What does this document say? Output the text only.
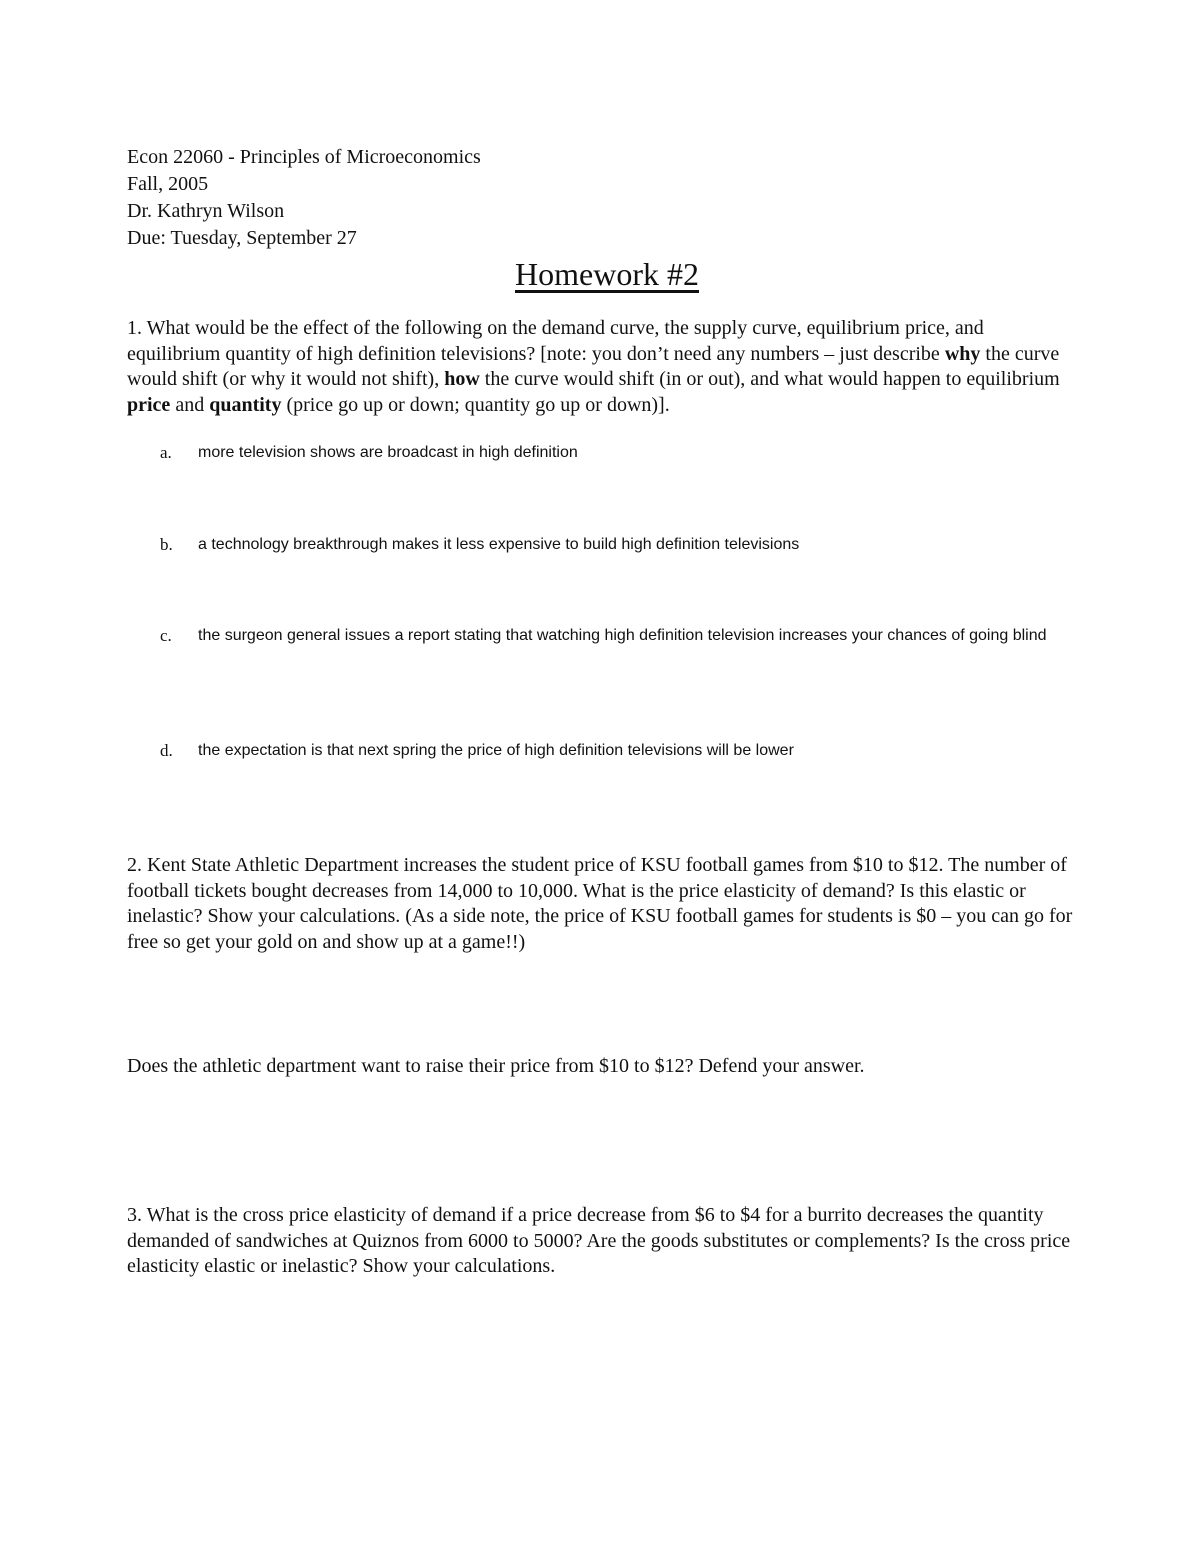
Econ 22060 - Principles of Microeconomics
Fall, 2005
Dr. Kathryn Wilson
Due: Tuesday, September 27
Homework #2
1. What would be the effect of the following on the demand curve, the supply curve, equilibrium price, and equilibrium quantity of high definition televisions? [note: you don’t need any numbers – just describe why the curve would shift (or why it would not shift), how the curve would shift (in or out), and what would happen to equilibrium price and quantity (price go up or down; quantity go up or down)].
a. more television shows are broadcast in high definition
b. a technology breakthrough makes it less expensive to build high definition televisions
c. the surgeon general issues a report stating that watching high definition television increases your chances of going blind
d. the expectation is that next spring the price of high definition televisions will be lower
2. Kent State Athletic Department increases the student price of KSU football games from $10 to $12. The number of football tickets bought decreases from 14,000 to 10,000. What is the price elasticity of demand? Is this elastic or inelastic? Show your calculations. (As a side note, the price of KSU football games for students is $0 – you can go for free so get your gold on and show up at a game!!)
Does the athletic department want to raise their price from $10 to $12? Defend your answer.
3. What is the cross price elasticity of demand if a price decrease from $6 to $4 for a burrito decreases the quantity demanded of sandwiches at Quiznos from 6000 to 5000? Are the goods substitutes or complements? Is the cross price elasticity elastic or inelastic? Show your calculations.
